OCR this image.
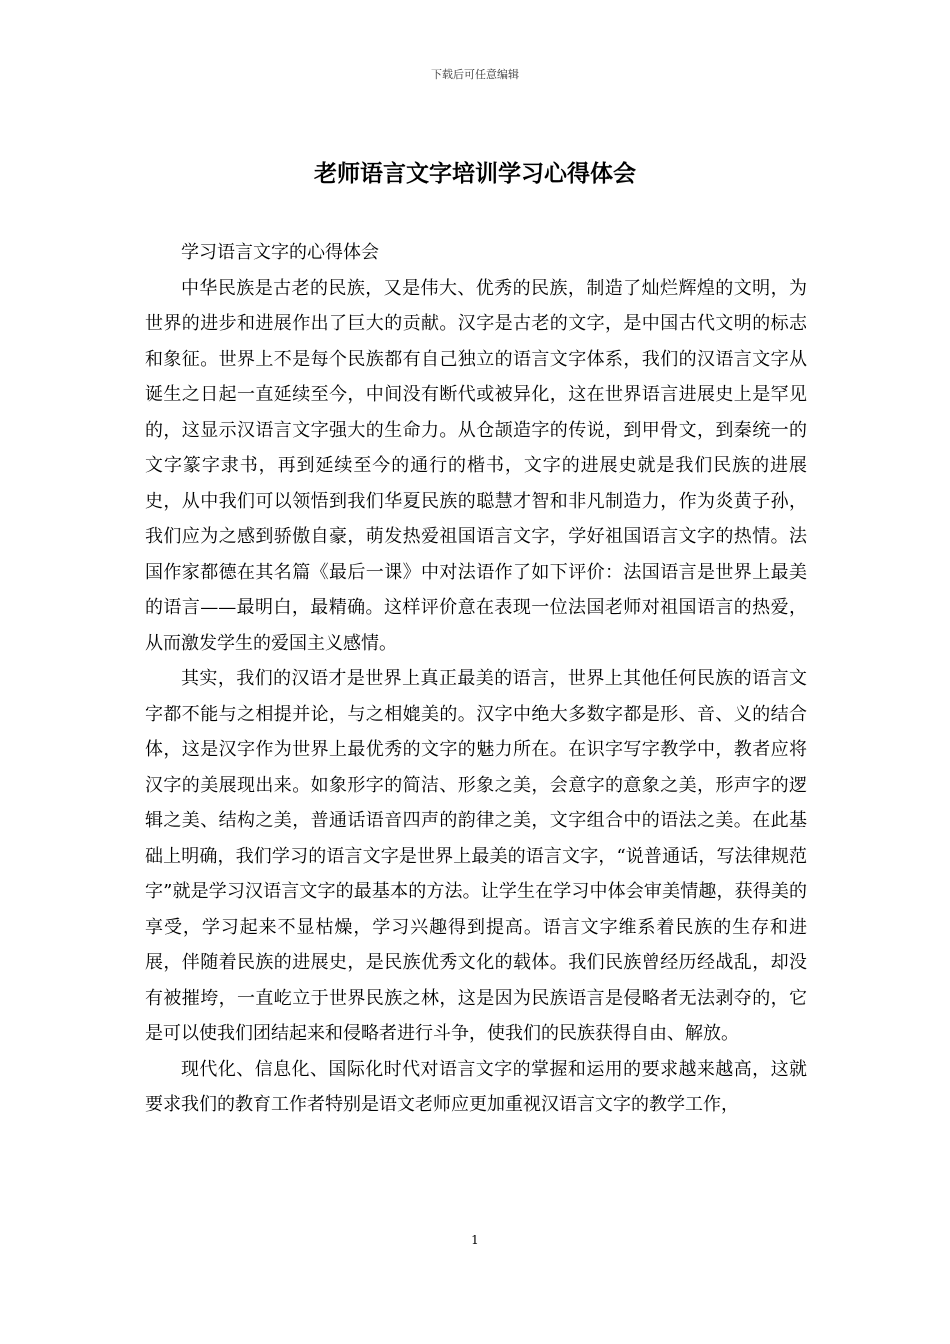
下载后可任意编辑
老师语言文字培训学习心得体会

学习语言文字的心得体会

中华民族是古老的民族，又是伟大、优秀的民族，制造了灿烂辉煌的文明，为世界的进步和进展作出了巨大的贡献。汉字是古老的文字，是中国古代文明的标志和象征。世界上不是每个民族都有自己独立的语言文字体系，我们的汉语言文字从诞生之日起一直延续至今，中间没有断代或被异化，这在世界语言进展史上是罕见的，这显示汉语言文字强大的生命力。从仓颉造字的传说，到甲骨文，到秦统一的文字篆字隶书，再到延续至今的通行的楷书，文字的进展史就是我们民族的进展史，从中我们可以领悟到我们华夏民族的聪慧才智和非凡制造力，作为炎黄子孙，我们应为之感到骄傲自豪，萌发热爱祖国语言文字，学好祖国语言文字的热情。法国作家都德在其名篇《最后一课》中对法语作了如下评价：法国语言是世界上最美的语言——最明白，最精确。这样评价意在表现一位法国老师对祖国语言的热爱，从而激发学生的爱国主义感情。

其实，我们的汉语才是世界上真正最美的语言，世界上其他任何民族的语言文字都不能与之相提并论，与之相媲美的。汉字中绝大多数字都是形、音、义的结合体，这是汉字作为世界上最优秀的文字的魅力所在。在识字写字教学中，教者应将汉字的美展现出来。如象形字的简洁、形象之美，会意字的意象之美，形声字的逻辑之美、结构之美，普通话语音四声的韵律之美，文字组合中的语法之美。在此基础上明确，我们学习的语言文字是世界上最美的语言文字，“说普通话，写法律规范字”就是学习汉语言文字的最基本的方法。让学生在学习中体会审美情趣，获得美的享受，学习起来不显枯燥，学习兴趣得到提高。语言文字维系着民族的生存和进展，伴随着民族的进展史，是民族优秀文化的载体。我们民族曾经历经战乱，却没有被摧垮，一直屹立于世界民族之林，这是因为民族语言是侵略者无法剥夺的，它是可以使我们团结起来和侵略者进行斗争，使我们的民族获得自由、解放。

现代化、信息化、国际化时代对语言文字的掌握和运用的要求越来越高，这就要求我们的教育工作者特别是语文老师应更加重视汉语言文字的教学工作，

1
